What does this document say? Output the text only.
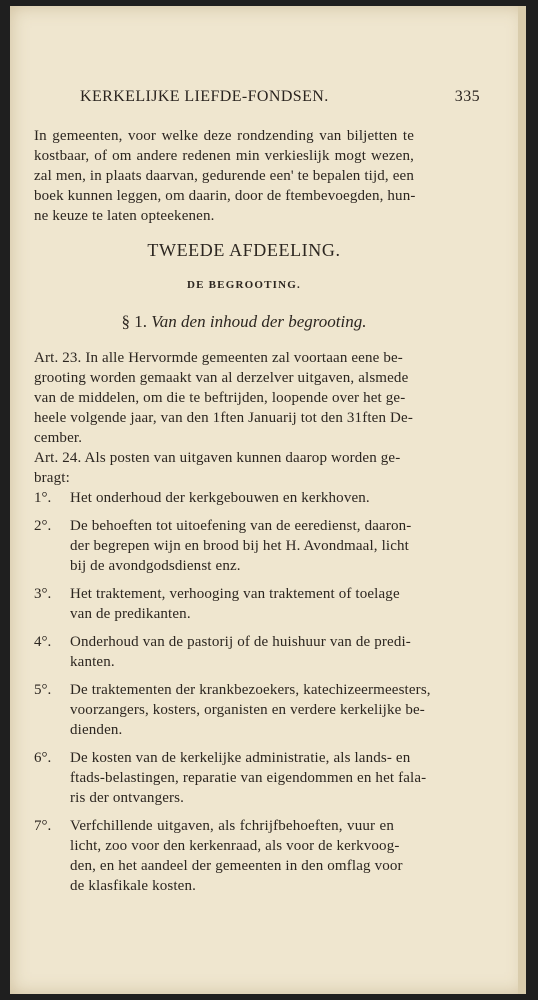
KERKELIJKE LIEFDE-FONDSEN.	335

In gemeenten, voor welke deze rondzending van biljetten te

kostbaar, of om andere redenen min verkieslijk mogt wezen,

zal men, in plaats daarvan, gedurende een' te bepalen tijd, een

boek kunnen leggen, om daarin, door de ftembevoegden, hun-

ne keuze te laten opteekenen.

TWEEDE AFDEELING.

DE BEGROOTING.

§ 1. Van den inhoud der begrooting.

Art. 23. In alle Hervormde gemeenten zal voortaan eene be-

grooting worden gemaakt van al derzelver uitgaven, alsmede

van de middelen, om die te beftrijden, loopende over het ge-

heele volgende jaar, van den 1ften Januarij tot den 31ften De-

cember.

Art. 24. Als posten van uitgaven kunnen daarop worden ge-

bragt:

1°. Het onderhoud der kerkgebouwen en kerkhoven.

2°. De behoeften tot uitoefening van de eeredienst, daaron-

der begrepen wijn en brood bij het H. Avondmaal, licht

bij de avondgodsdienst enz.

3°. Het traktement, verhooging van traktement of toelage

van de predikanten.

4°. Onderhoud van de pastorij of de huishuur van de predi-

kanten.

5°. De traktementen der krankbezoekers, katechizeermeesters,

voorzangers, kosters, organisten en verdere kerkelijke be-

dienden.

6°. De kosten van de kerkelijke administratie, als lands- en

ftads-belastingen, reparatie van eigendommen en het fala-

ris der ontvangers.

7°. Verfchillende uitgaven, als fchrijfbehoeften, vuur en

licht, zoo voor den kerkenraad, als voor de kerkvoog-

den, en het aandeel der gemeenten in den omflag voor

de klasfikale kosten.
